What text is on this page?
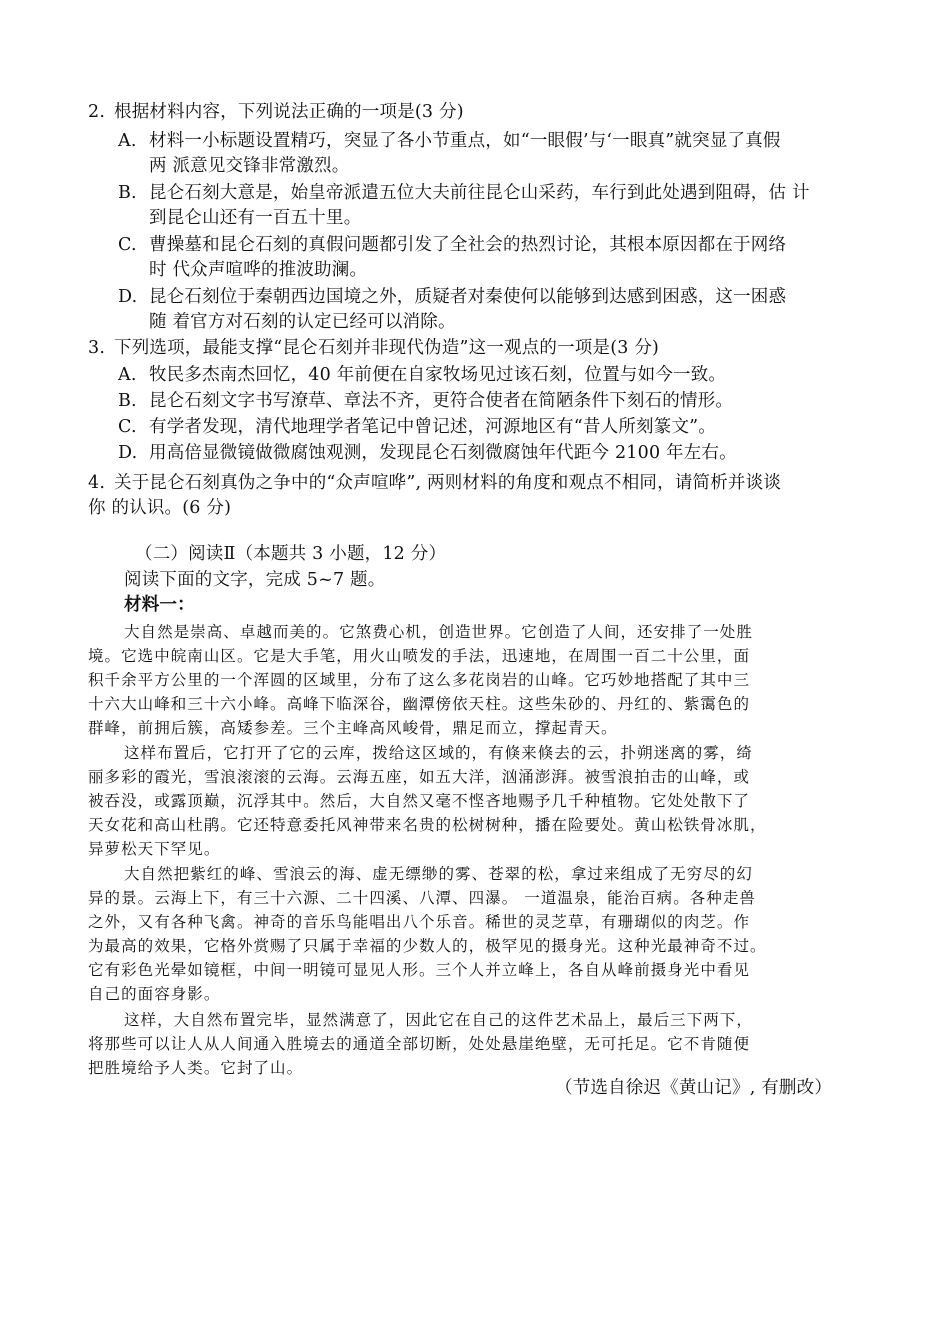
2. 根据材料内容，下列说法正确的一项是(3 分)
A. 材料一小标题设置精巧，突显了各小节重点，如“一眼假’与‘一眼真”就突显了真假
两 派意见交锋非常激烈。
B. 昆仑石刻大意是，始皇帝派遣五位大夫前往昆仑山采药，车行到此处遇到阻碍，估 计
到昆仑山还有一百五十里。
C. 曹操墓和昆仑石刻的真假问题都引发了全社会的热烈讨论，其根本原因都在于网络
时 代众声喧哗的推波助澜。
D. 昆仑石刻位于秦朝西边国境之外，质疑者对秦使何以能够到达感到困惑，这一困惑
随 着官方对石刻的认定已经可以消除。
3. 下列选项，最能支撑“昆仑石刻并非现代伪造”这一观点的一项是(3 分)
A. 牧民多杰南杰回忆，40 年前便在自家牧场见过该石刻，位置与如今一致。
B. 昆仑石刻文字书写潦草、章法不齐，更符合使者在简陋条件下刻石的情形。
C. 有学者发现，清代地理学者笔记中曾记述，河源地区有“昔人所刻篆文”。
D. 用高倍显微镜做微腐蚀观测，发现昆仑石刻微腐蚀年代距今 2100 年左右。
4. 关于昆仑石刻真伪之争中的“众声喧哗”, 两则材料的角度和观点不相同，请简析并谈谈
你 的认识。(6 分)
（二）阅读Ⅱ（本题共 3 小题，12 分）
阅读下面的文字，完成 5~7 题。
材料一：
大自然是崇高、卓越而美的。它煞费心机，创造世界。它创造了人间，还安排了一处胜
境。它选中皖南山区。它是大手笔，用火山喷发的手法，迅速地，在周围一百二十公里，面
积千余平方公里的一个浑圆的区域里，分布了这么多花岗岩的山峰。它巧妙地搭配了其中三
十六大山峰和三十六小峰。高峰下临深谷，幽潭傍依天柱。这些朱砂的、丹红的、紫霭色的
群峰，前拥后簇，高矮参差。三个主峰高风峻骨，鼎足而立，撑起青天。
这样布置后，它打开了它的云库，拨给这区域的，有倏来倏去的云，扑朔迷离的雾，绮
丽多彩的霞光，雪浪滚滚的云海。云海五座，如五大洋，汹涌澎湃。被雪浪拍击的山峰，或
被吞没，或露顶巅，沉浮其中。然后，大自然又毫不悭吝地赐予几千种植物。它处处散下了
天女花和高山杜鹃。它还特意委托风神带来名贵的松树树种，播在险要处。黄山松铁骨冰肌，
异萝松天下罕见。
大自然把紫红的峰、雪浪云的海、虚无缥缈的雾、苍翠的松，拿过来组成了无穷尽的幻
异的景。云海上下，有三十六源、二十四溪、八潭、四瀑。 一道温泉，能治百病。各种走兽
之外，又有各种飞禽。神奇的音乐鸟能唱出八个乐音。稀世的灵芝草，有珊瑚似的肉芝。作
为最高的效果，它格外赏赐了只属于幸福的少数人的，极罕见的摄身光。这种光最神奇不过。
它有彩色光晕如镜框，中间一明镜可显见人形。三个人并立峰上，各自从峰前摄身光中看见
自己的面容身影。
这样，大自然布置完毕，显然满意了，因此它在自己的这件艺术品上，最后三下两下，
将那些可以让人从人间通入胜境去的通道全部切断，处处悬崖绝壁，无可托足。它不肯随便
把胜境给予人类。它封了山。
（节选自徐迟《黄山记》, 有删改）
